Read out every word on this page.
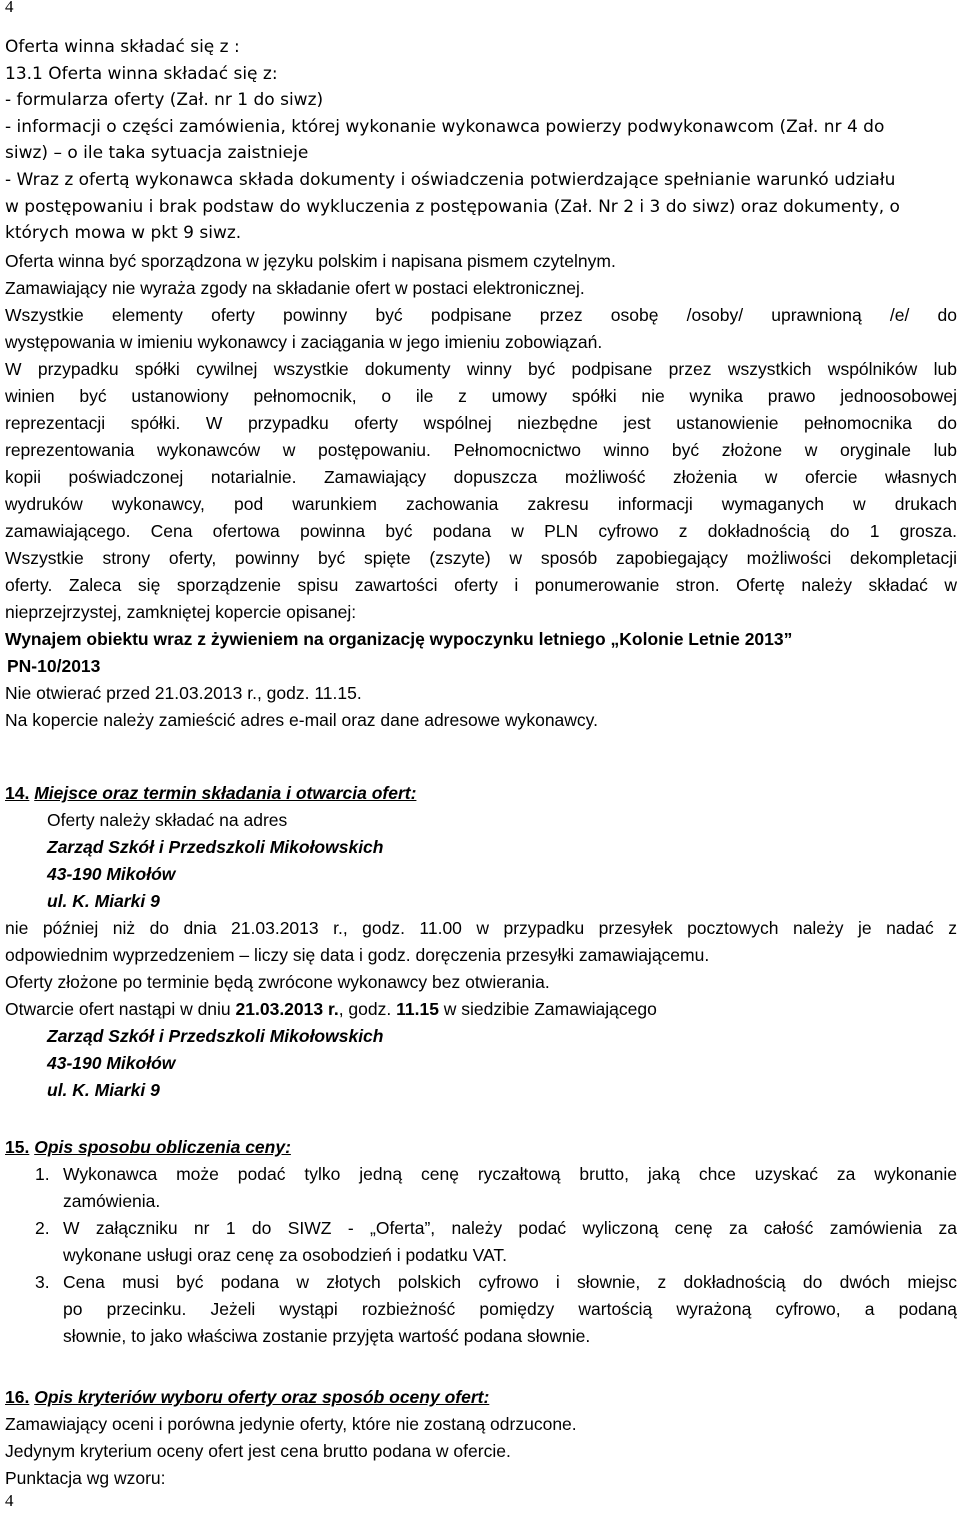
4
Oferta winna składać się z :
13.1 Oferta winna składać się z:
- formularza oferty (Zał. nr 1 do siwz)
- informacji o części zamówienia, której wykonanie wykonawca powierzy podwykonawcom (Zał. nr 4 do
siwz) – o ile taka sytuacja zaistnieje
- Wraz z ofertą wykonawca składa dokumenty i oświadczenia potwierdzające spełnianie warunkó udziału
w postępowaniu i brak podstaw do wykluczenia z postępowania (Zał. Nr 2 i 3 do siwz) oraz dokumenty, o
których mowa w pkt 9 siwz.
Oferta winna być sporządzona w języku polskim i napisana pismem czytelnym.
Zamawiający nie wyraża zgody na składanie ofert w postaci elektronicznej.
Wszystkie elementy oferty powinny być podpisane przez osobę /osoby/ uprawnioną /e/ do
występowania w imieniu wykonawcy i zaciągania w jego imieniu zobowiązań.
W przypadku spółki cywilnej wszystkie dokumenty winny być podpisane przez wszystkich wspólników lub
winien być ustanowiony pełnomocnik, o ile z umowy spółki nie wynika prawo jednoosobowej
reprezentacji spółki. W przypadku oferty wspólnej niezbędne jest ustanowienie pełnomocnika do
reprezentowania wykonawców w postępowaniu. Pełnomocnictwo winno być złożone w oryginale lub
kopii poświadczonej notarialnie. Zamawiający dopuszcza możliwość złożenia w ofercie własnych
wydruków wykonawcy, pod warunkiem zachowania zakresu informacji wymaganych w drukach
zamawiającego. Cena ofertowa powinna być podana w PLN cyfrowo z dokładnością do 1 grosza.
Wszystkie strony oferty, powinny być spięte (zszyte) w sposób zapobiegający możliwości dekompletacji
oferty. Zaleca się sporządzenie spisu zawartości oferty i ponumerowanie stron. Ofertę należy składać w
nieprzejrzystej, zamkniętej kopercie opisanej:
Wynajem obiektu wraz z żywieniem na organizację wypoczynku letniego „Kolonie Letnie 2013”
PN-10/2013
Nie otwierać przed 21.03.2013 r., godz. 11.15.
Na kopercie należy zamieścić adres e-mail oraz dane adresowe wykonawcy.
14. Miejsce oraz termin składania i otwarcia ofert:
Oferty należy składać na adres
Zarząd Szkół i Przedszkoli Mikołowskich
43-190 Mikołów
ul. K. Miarki 9
nie później niż do dnia 21.03.2013 r., godz. 11.00 w przypadku przesyłek pocztowych należy je nadać z
odpowiednim wyprzedzeniem – liczy się data i godz. doręczenia przesyłki zamawiającemu.
Oferty złożone po terminie będą zwrócone wykonawcy bez otwierania.
Otwarcie ofert nastąpi w dniu 21.03.2013 r., godz. 11.15 w siedzibie Zamawiającego
Zarząd Szkół i Przedszkoli Mikołowskich
43-190 Mikołów
ul. K. Miarki 9
15. Opis sposobu obliczenia ceny:
1. Wykonawca może podać tylko jedną cenę ryczałtową brutto, jaką chce uzyskać za wykonanie
zamówienia.
2. W załączniku nr 1 do SIWZ - „Oferta”, należy podać wyliczoną cenę za całość zamówienia za
wykonane usługi oraz cenę za osobodzień i podatku VAT.
3. Cena musi być podana w złotych polskich cyfrowo i słownie, z dokładnością do dwóch miejsc
po przecinku. Jeżeli wystąpi rozbieżność pomiędzy wartością wyrażoną cyfrowo, a podaną
słownie, to jako właściwa zostanie przyjęta wartość podana słownie.
16. Opis kryteriów wyboru oferty oraz sposób oceny ofert:
Zamawiający oceni i porówna jedynie oferty, które nie zostaną odrzucone.
Jedynym kryterium oceny ofert jest cena brutto podana w ofercie.
Punktacja wg wzoru:
4
